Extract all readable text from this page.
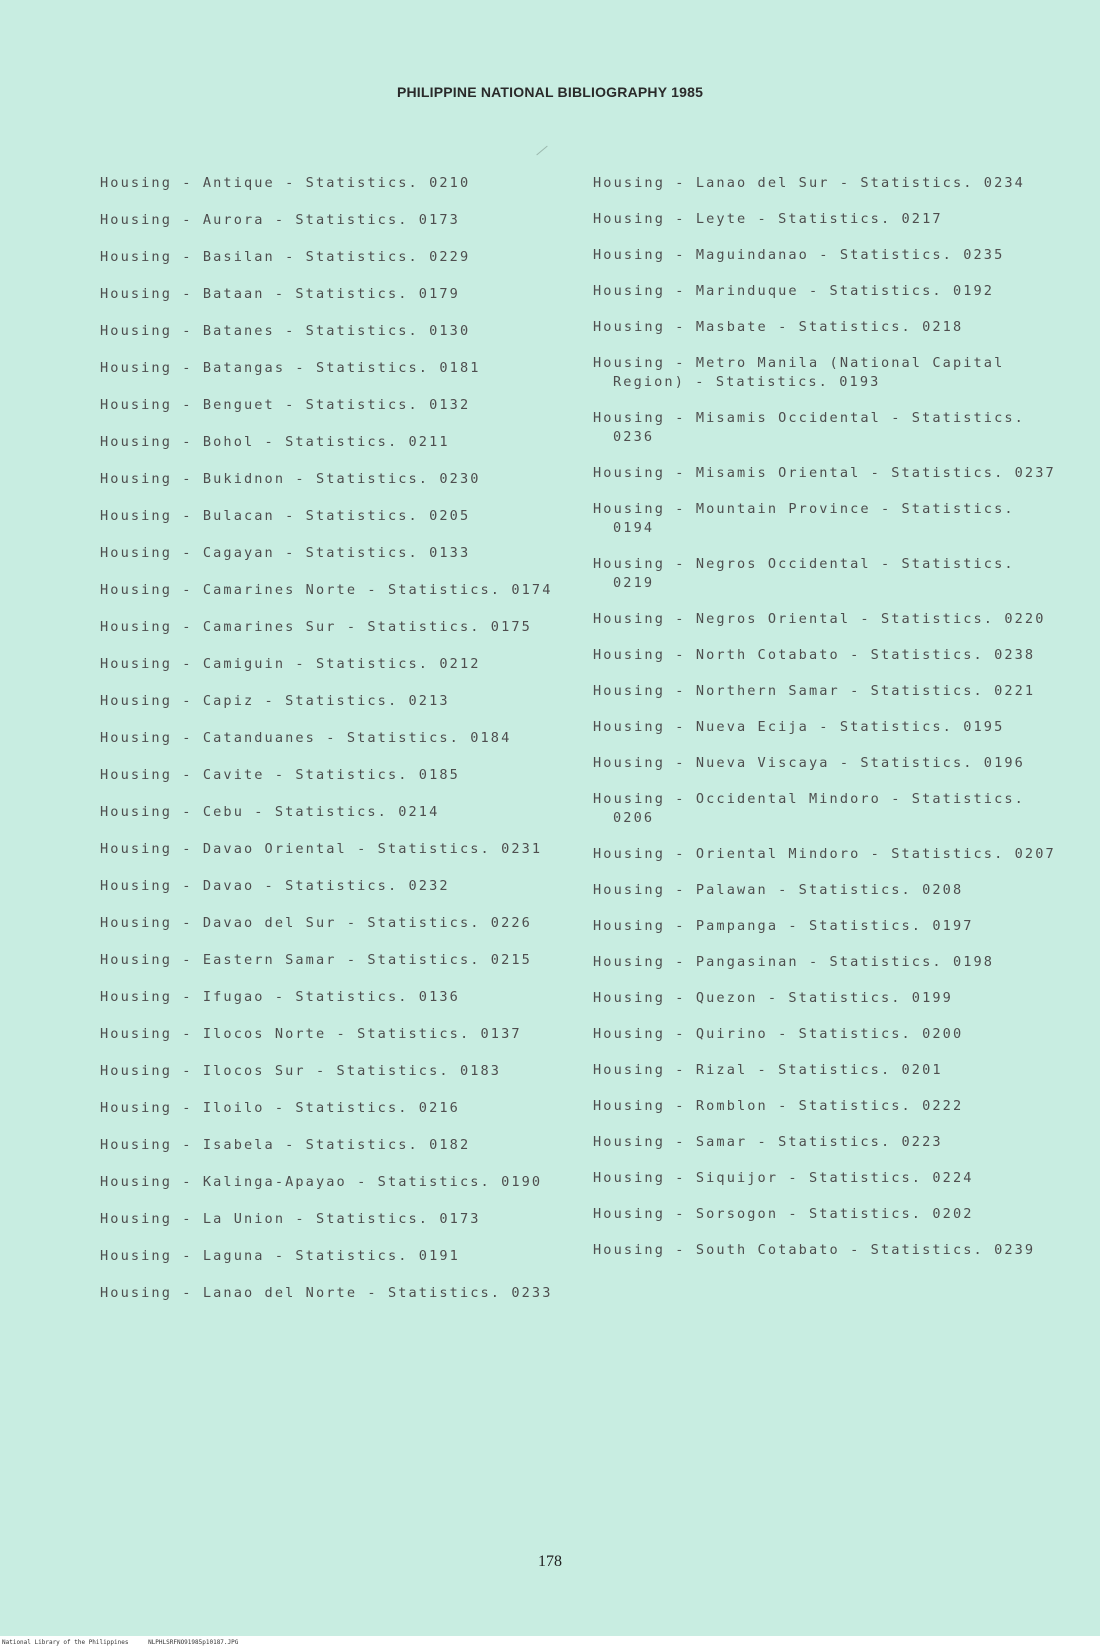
PHILIPPINE NATIONAL BIBLIOGRAPHY 1985

Housing - Antique - Statistics. 0210

Housing - Aurora - Statistics. 0173

Housing - Basilan - Statistics. 0229

Housing - Bataan - Statistics. 0179

Housing - Batanes - Statistics. 0130

Housing - Batangas - Statistics. 0181

Housing - Benguet - Statistics. 0132

Housing - Bohol - Statistics. 0211

Housing - Bukidnon - Statistics. 0230

Housing - Bulacan - Statistics. 0205

Housing - Cagayan - Statistics. 0133

Housing - Camarines Norte - Statistics. 0174

Housing - Camarines Sur - Statistics. 0175

Housing - Camiguin - Statistics. 0212

Housing - Capiz - Statistics. 0213

Housing - Catanduanes - Statistics. 0184

Housing - Cavite - Statistics. 0185

Housing - Cebu - Statistics. 0214

Housing - Davao Oriental - Statistics. 0231

Housing - Davao - Statistics. 0232

Housing - Davao del Sur - Statistics. 0226

Housing - Eastern Samar - Statistics. 0215

Housing - Ifugao - Statistics. 0136

Housing - Ilocos Norte - Statistics. 0137

Housing - Ilocos Sur - Statistics. 0183

Housing - Iloilo - Statistics. 0216

Housing - Isabela - Statistics. 0182

Housing - Kalinga-Apayao - Statistics. 0190

Housing - La Union - Statistics. 0173

Housing - Laguna - Statistics. 0191

Housing - Lanao del Norte - Statistics. 0233

Housing - Lanao del Sur - Statistics. 0234

Housing - Leyte - Statistics. 0217

Housing - Maguindanao - Statistics. 0235

Housing - Marinduque - Statistics. 0192

Housing - Masbate - Statistics. 0218

Housing - Metro Manila (National Capital Region) - Statistics. 0193

Housing - Misamis Occidental - Statistics. 0236

Housing - Misamis Oriental - Statistics. 0237

Housing - Mountain Province - Statistics. 0194

Housing - Negros Occidental - Statistics. 0219

Housing - Negros Oriental - Statistics. 0220

Housing - North Cotabato - Statistics. 0238

Housing - Northern Samar - Statistics. 0221

Housing - Nueva Ecija - Statistics. 0195

Housing - Nueva Viscaya - Statistics. 0196

Housing - Occidental Mindoro - Statistics. 0206

Housing - Oriental Mindoro - Statistics. 0207

Housing - Palawan - Statistics. 0208

Housing - Pampanga - Statistics. 0197

Housing - Pangasinan - Statistics. 0198

Housing - Quezon - Statistics. 0199

Housing - Quirino - Statistics. 0200

Housing - Rizal - Statistics. 0201

Housing - Romblon - Statistics. 0222

Housing - Samar - Statistics. 0223

Housing - Siquijor - Statistics. 0224

Housing - Sorsogon - Statistics. 0202

Housing - South Cotabato - Statistics. 0239

178
National Library of the Philippines	NLPHLSRFNO91985p10187.JPG
